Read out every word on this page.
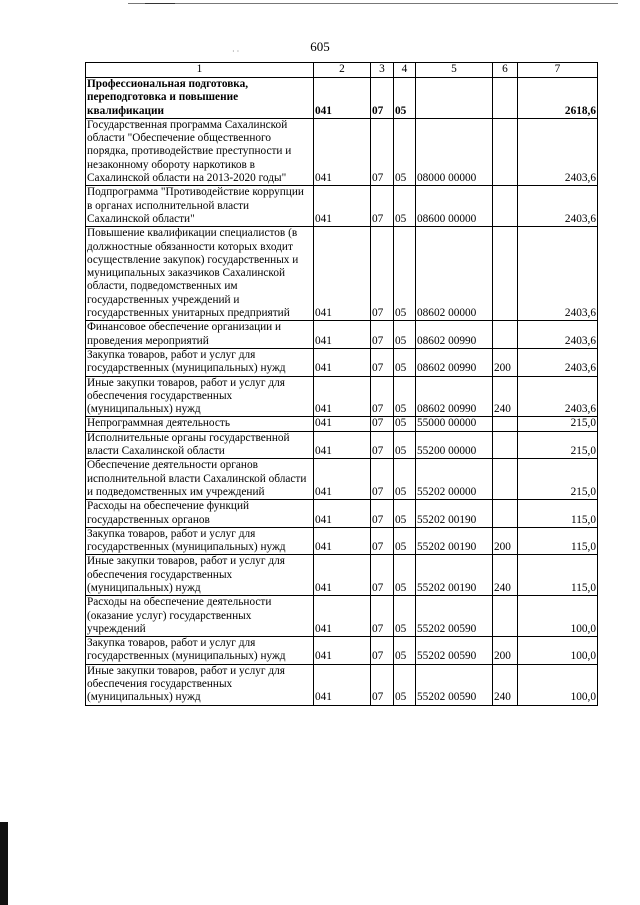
· ·	605
1	2	3	4	5	6	7
Профессиональная подготовка, переподготовка и повышение квалификации	041	07	05			2618,6
Государственная программа Сахалинской области "Обеспечение общественного порядка, противодействие преступности и незаконному обороту наркотиков в Сахалинской области на 2013-2020 годы"	041	07	05	08000 00000		2403,6
Подпрограмма "Противодействие коррупции в органах исполнительной власти Сахалинской области"	041	07	05	08600 00000		2403,6
Повышение квалификации специалистов (в должностные обязанности которых входит осуществление закупок) государственных и муниципальных заказчиков Сахалинской области, подведомственных им государственных учреждений и государственных унитарных предприятий	041	07	05	08602 00000		2403,6
Финансовое обеспечение организации и проведения мероприятий	041	07	05	08602 00990		2403,6
Закупка товаров, работ и услуг для государственных (муниципальных) нужд	041	07	05	08602 00990	200	2403,6
Иные закупки товаров, работ и услуг для обеспечения государственных (муниципальных) нужд	041	07	05	08602 00990	240	2403,6
Непрограммная деятельность	041	07	05	55000 00000		215,0
Исполнительные органы государственной власти Сахалинской области	041	07	05	55200 00000		215,0
Обеспечение деятельности органов исполнительной власти Сахалинской области и подведомственных им учреждений	041	07	05	55202 00000		215,0
Расходы на обеспечение функций государственных органов	041	07	05	55202 00190		115,0
Закупка товаров, работ и услуг для государственных (муниципальных) нужд	041	07	05	55202 00190	200	115,0
Иные закупки товаров, работ и услуг для обеспечения государственных (муниципальных) нужд	041	07	05	55202 00190	240	115,0
Расходы на обеспечение деятельности (оказание услуг) государственных учреждений	041	07	05	55202 00590		100,0
Закупка товаров, работ и услуг для государственных (муниципальных) нужд	041	07	05	55202 00590	200	100,0
Иные закупки товаров, работ и услуг для обеспечения государственных (муниципальных) нужд	041	07	05	55202 00590	240	100,0
